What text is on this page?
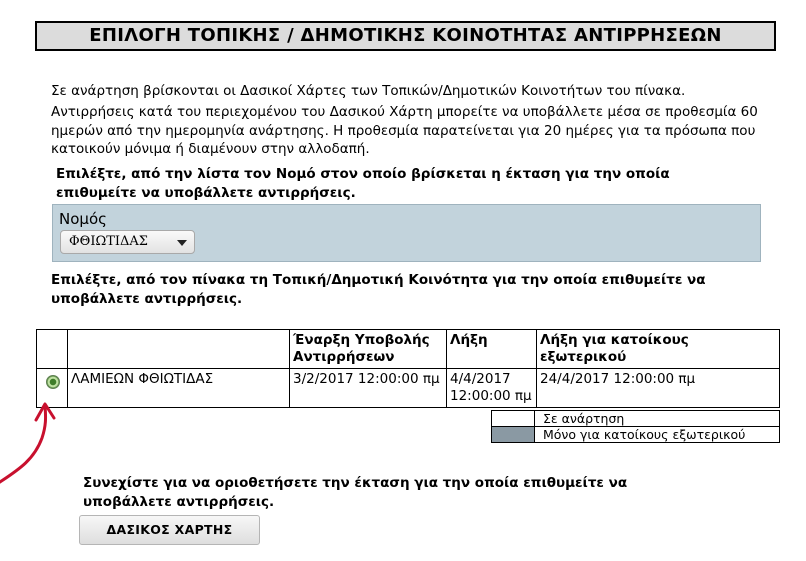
ΕΠΙΛΟΓΗ ΤΟΠΙΚΗΣ / ΔΗΜΟΤΙΚΗΣ ΚΟΙΝΟΤΗΤΑΣ ΑΝΤΙΡΡΗΣΕΩΝ
Σε ανάρτηση βρίσκονται οι Δασικοί Χάρτες των Τοπικών/Δημοτικών Κοινοτήτων του πίνακα.
Αντιρρήσεις κατά του περιεχομένου του Δασικού Χάρτη μπορείτε να υποβάλλετε μέσα σε προθεσμία 60 ημερών από την ημερομηνία ανάρτησης. Η προθεσμία παρατείνεται για 20 ημέρες για τα πρόσωπα που κατοικούν μόνιμα ή διαμένουν στην αλλοδαπή.
Επιλέξτε, από την λίστα τον Νομό στον οποίο βρίσκεται η έκταση για την οποία επιθυμείτε να υποβάλλετε αντιρρήσεις.
Νομός
ΦΘΙΩΤΙΔΑΣ
Επιλέξτε, από τον πίνακα τη Τοπική/Δημοτική Κοινότητα για την οποία επιθυμείτε να υποβάλλετε αντιρρήσεις.
		Έναρξη Υποβολής Αντιρρήσεων	Λήξη	Λήξη για κατοίκους εξωτερικού
	ΛΑΜΙΕΩΝ ΦΘΙΩΤΙΔΑΣ	3/2/2017 12:00:00 πμ	4/4/2017 12:00:00 πμ	24/4/2017 12:00:00 πμ
	Σε ανάρτηση
	Μόνο για κατοίκους εξωτερικού
Συνεχίστε για να οριοθετήσετε την έκταση για την οποία επιθυμείτε να υποβάλλετε αντιρρήσεις.
ΔΑΣΙΚΟΣ ΧΑΡΤΗΣ
